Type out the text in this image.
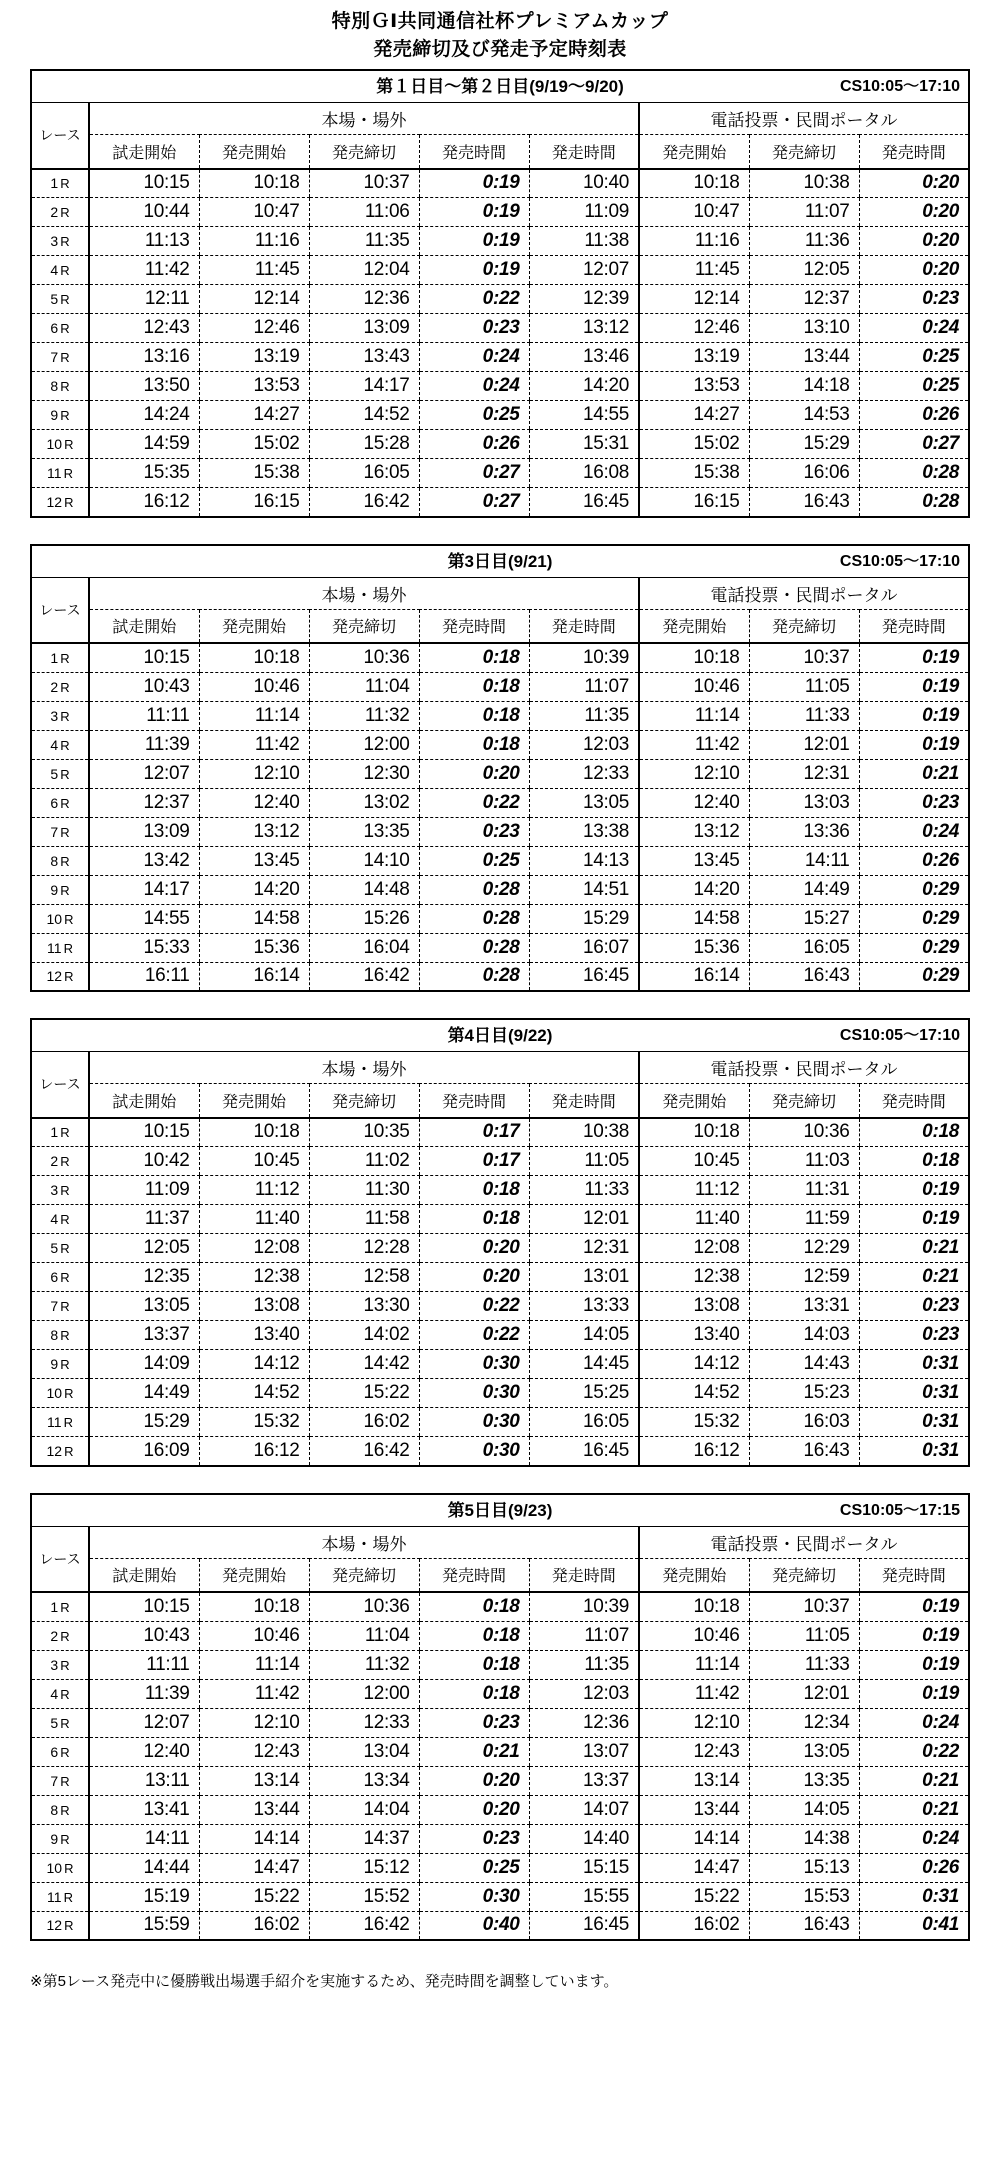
特別ＧⅠ共同通信社杯プレミアムカップ
発売締切及び発走予定時刻表
第１日目～第２日目(9/19～9/20) CS10:05～17:10								

レース	本場・場外					電話投票・民間ポータル		
	試走開始	発売開始	発売締切	発売時間	発走時間	発売開始	発売締切	発売時間
1 R	10:15	10:18	10:37	0:19	10:40	10:18	10:38	0:20
2 R	10:44	10:47	11:06	0:19	11:09	10:47	11:07	0:20
3 R	11:13	11:16	11:35	0:19	11:38	11:16	11:36	0:20
4 R	11:42	11:45	12:04	0:19	12:07	11:45	12:05	0:20
5 R	12:11	12:14	12:36	0:22	12:39	12:14	12:37	0:23
6 R	12:43	12:46	13:09	0:23	13:12	12:46	13:10	0:24
7 R	13:16	13:19	13:43	0:24	13:46	13:19	13:44	0:25
8 R	13:50	13:53	14:17	0:24	14:20	13:53	14:18	0:25
9 R	14:24	14:27	14:52	0:25	14:55	14:27	14:53	0:26
10 R	14:59	15:02	15:28	0:26	15:31	15:02	15:29	0:27
11 R	15:35	15:38	16:05	0:27	16:08	15:38	16:06	0:28
12 R	16:12	16:15	16:42	0:27	16:45	16:15	16:43	0:28
第3日目(9/21) CS10:05～17:10								

レース	本場・場外					電話投票・民間ポータル		
	試走開始	発売開始	発売締切	発売時間	発走時間	発売開始	発売締切	発売時間
1 R	10:15	10:18	10:36	0:18	10:39	10:18	10:37	0:19
2 R	10:43	10:46	11:04	0:18	11:07	10:46	11:05	0:19
3 R	11:11	11:14	11:32	0:18	11:35	11:14	11:33	0:19
4 R	11:39	11:42	12:00	0:18	12:03	11:42	12:01	0:19
5 R	12:07	12:10	12:30	0:20	12:33	12:10	12:31	0:21
6 R	12:37	12:40	13:02	0:22	13:05	12:40	13:03	0:23
7 R	13:09	13:12	13:35	0:23	13:38	13:12	13:36	0:24
8 R	13:42	13:45	14:10	0:25	14:13	13:45	14:11	0:26
9 R	14:17	14:20	14:48	0:28	14:51	14:20	14:49	0:29
10 R	14:55	14:58	15:26	0:28	15:29	14:58	15:27	0:29
11 R	15:33	15:36	16:04	0:28	16:07	15:36	16:05	0:29
12 R	16:11	16:14	16:42	0:28	16:45	16:14	16:43	0:29
第4日目(9/22) CS10:05～17:10								

レース	本場・場外					電話投票・民間ポータル		
	試走開始	発売開始	発売締切	発売時間	発走時間	発売開始	発売締切	発売時間
1 R	10:15	10:18	10:35	0:17	10:38	10:18	10:36	0:18
2 R	10:42	10:45	11:02	0:17	11:05	10:45	11:03	0:18
3 R	11:09	11:12	11:30	0:18	11:33	11:12	11:31	0:19
4 R	11:37	11:40	11:58	0:18	12:01	11:40	11:59	0:19
5 R	12:05	12:08	12:28	0:20	12:31	12:08	12:29	0:21
6 R	12:35	12:38	12:58	0:20	13:01	12:38	12:59	0:21
7 R	13:05	13:08	13:30	0:22	13:33	13:08	13:31	0:23
8 R	13:37	13:40	14:02	0:22	14:05	13:40	14:03	0:23
9 R	14:09	14:12	14:42	0:30	14:45	14:12	14:43	0:31
10 R	14:49	14:52	15:22	0:30	15:25	14:52	15:23	0:31
11 R	15:29	15:32	16:02	0:30	16:05	15:32	16:03	0:31
12 R	16:09	16:12	16:42	0:30	16:45	16:12	16:43	0:31
第5日目(9/23) CS10:05～17:15								

レース	本場・場外					電話投票・民間ポータル		
	試走開始	発売開始	発売締切	発売時間	発走時間	発売開始	発売締切	発売時間
1 R	10:15	10:18	10:36	0:18	10:39	10:18	10:37	0:19
2 R	10:43	10:46	11:04	0:18	11:07	10:46	11:05	0:19
3 R	11:11	11:14	11:32	0:18	11:35	11:14	11:33	0:19
4 R	11:39	11:42	12:00	0:18	12:03	11:42	12:01	0:19
5 R	12:07	12:10	12:33	0:23	12:36	12:10	12:34	0:24
6 R	12:40	12:43	13:04	0:21	13:07	12:43	13:05	0:22
7 R	13:11	13:14	13:34	0:20	13:37	13:14	13:35	0:21
8 R	13:41	13:44	14:04	0:20	14:07	13:44	14:05	0:21
9 R	14:11	14:14	14:37	0:23	14:40	14:14	14:38	0:24
10 R	14:44	14:47	15:12	0:25	15:15	14:47	15:13	0:26
11 R	15:19	15:22	15:52	0:30	15:55	15:22	15:53	0:31
12 R	15:59	16:02	16:42	0:40	16:45	16:02	16:43	0:41
※第5レース発売中に優勝戦出場選手紹介を実施するため、発売時間を調整しています。
